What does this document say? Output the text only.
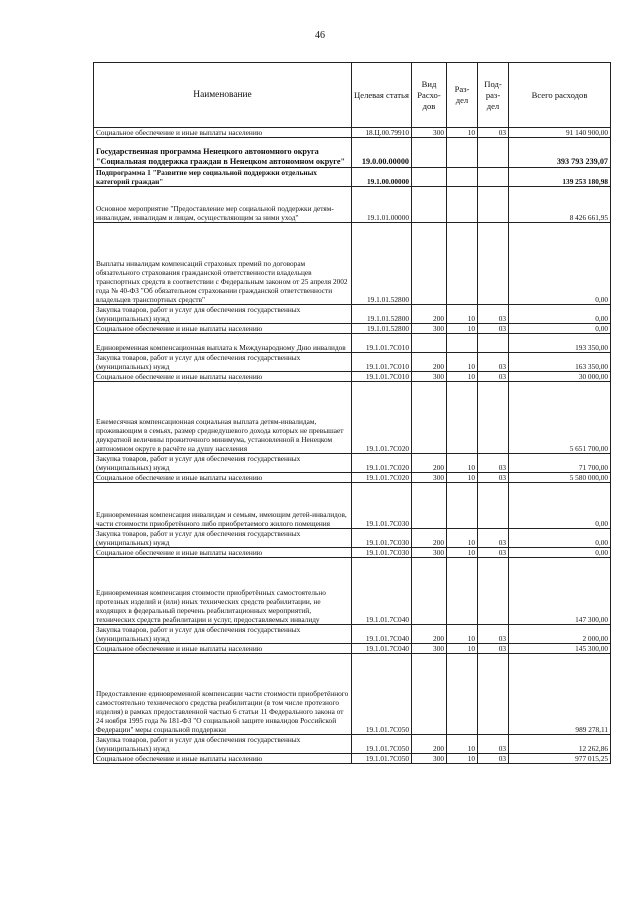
46
Наименование	Целевая статья	Вид Расхо- дов	Раз- дел	Под- раз- дел	Всего расходов
Социальное обеспечение и иные выплаты населению	18.Ц.00.79910	300	10	03	91 140 900,00
Государственная программа Ненецкого автономного округа "Социальная поддержка граждан в Ненецком автономном округе"	19.0.00.00000				393 793 239,07
Подпрограмма 1 "Развитие мер социальной поддержки отдельных категорий граждан"	19.1.00.00000				139 253 180,98
Основное мероприятие "Предоставление мер социальной поддержки детям-инвалидам, инвалидам и лицам, осуществляющим за ними уход"	19.1.01.00000				8 426 661,95
Выплаты инвалидам компенсаций страховых премий по договорам обязательного страхования гражданской ответственности владельцев транспортных средств в соответствии с Федеральным законом от 25 апреля 2002 года № 40-ФЗ "Об обязательном страховании гражданской ответственности владельцев транспортных средств"	19.1.01.52800				0,00
Закупка товаров, работ и услуг для обеспечения государственных (муниципальных) нужд	19.1.01.52800	200	10	03	0,00
Социальное обеспечение и иные выплаты населению	19.1.01.52800	300	10	03	0,00
Единовременная компенсационная выплата к Международному Дню инвалидов	19.1.01.7C010				193 350,00
Закупка товаров, работ и услуг для обеспечения государственных (муниципальных) нужд	19.1.01.7C010	200	10	03	163 350,00
Социальное обеспечение и иные выплаты населению	19.1.01.7C010	300	10	03	30 000,00
Ежемесячная компенсационная социальная выплата детям-инвалидам, проживающим в семьях, размер среднедушевого дохода которых не превышает двукратной величины прожиточного минимума, установленной в Ненецком автономном округе в расчёте на душу населения	19.1.01.7C020				5 651 700,00
Закупка товаров, работ и услуг для обеспечения государственных (муниципальных) нужд	19.1.01.7C020	200	10	03	71 700,00
Социальное обеспечение и иные выплаты населению	19.1.01.7C020	300	10	03	5 580 000,00
Единовременная компенсация инвалидам и семьям, имеющим детей-инвалидов, части стоимости приобретённого либо приобретаемого жилого помещения	19.1.01.7C030				0,00
Закупка товаров, работ и услуг для обеспечения государственных (муниципальных) нужд	19.1.01.7C030	200	10	03	0,00
Социальное обеспечение и иные выплаты населению	19.1.01.7C030	300	10	03	0,00
Единовременная компенсация стоимости приобретённых самостоятельно протезных изделий и (или) иных технических средств реабилитации, не входящих в федеральный перечень реабилитационных мероприятий, технических средств реабилитации и услуг, предоставляемых инвалиду	19.1.01.7C040				147 300,00
Закупка товаров, работ и услуг для обеспечения государственных (муниципальных) нужд	19.1.01.7C040	200	10	03	2 000,00
Социальное обеспечение и иные выплаты населению	19.1.01.7C040	300	10	03	145 300,00
Предоставление единовременной компенсации части стоимости приобретённого самостоятельно технического средства реабилитации (в том числе протезного изделия) в рамках предоставленной частью 6 статьи 11 Федерального закона от 24 ноября 1995 года № 181-ФЗ "О социальной защите инвалидов Российской Федерации" меры социальной поддержки	19.1.01.7C050				989 278,11
Закупка товаров, работ и услуг для обеспечения государственных (муниципальных) нужд	19.1.01.7C050	200	10	03	12 262,86
Социальное обеспечение и иные выплаты населению	19.1.01.7C050	300	10	03	977 015,25
